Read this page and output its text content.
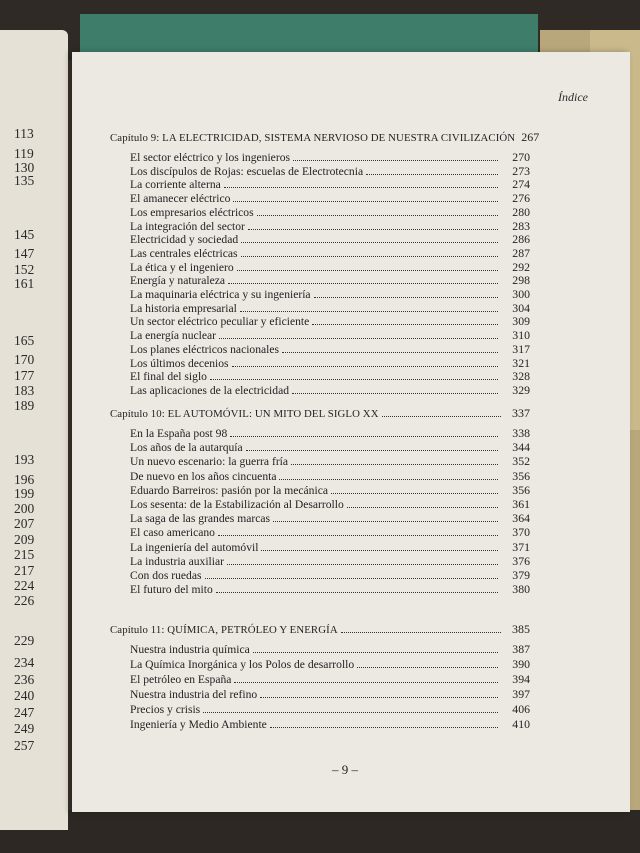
113
119
130
135
145
147
152
161
165
170
177
183
189
193
196
199
200
207
209
215
217
224
226
229
234
236
240
247
249
257
Índice
– 9 –
Capítulo 9: LA ELECTRICIDAD, SISTEMA NERVIOSO DE NUESTRA CIVILIZACIÓN 267
El sector eléctrico y los ingenieros	270
Los discípulos de Rojas: escuelas de Electrotecnia	273
La corriente alterna	274
El amanecer eléctrico	276
Los empresarios eléctricos	280
La integración del sector	283
Electricidad y sociedad	286
Las centrales eléctricas	287
La ética y el ingeniero	292
Energía y naturaleza	298
La maquinaria eléctrica y su ingeniería	300
La historia empresarial	304
Un sector eléctrico peculiar y eficiente	309
La energía nuclear	310
Los planes eléctricos nacionales	317
Los últimos decenios	321
El final del siglo	328
Las aplicaciones de la electricidad	329
Capítulo 10: EL AUTOMÓVIL: UN MITO DEL SIGLO XX	337
En la España post 98	338
Los años de la autarquía	344
Un nuevo escenario: la guerra fría	352
De nuevo en los años cincuenta	356
Eduardo Barreiros: pasión por la mecánica	356
Los sesenta: de la Estabilización al Desarrollo	361
La saga de las grandes marcas	364
El caso americano	370
La ingeniería del automóvil	371
La industria auxiliar	376
Con dos ruedas	379
El futuro del mito	380
Capítulo 11: QUÍMICA, PETRÓLEO Y ENERGÍA	385
Nuestra industria química	387
La Química Inorgánica y los Polos de desarrollo	390
El petróleo en España	394
Nuestra industria del refino	397
Precios y crisis	406
Ingeniería y Medio Ambiente	410
